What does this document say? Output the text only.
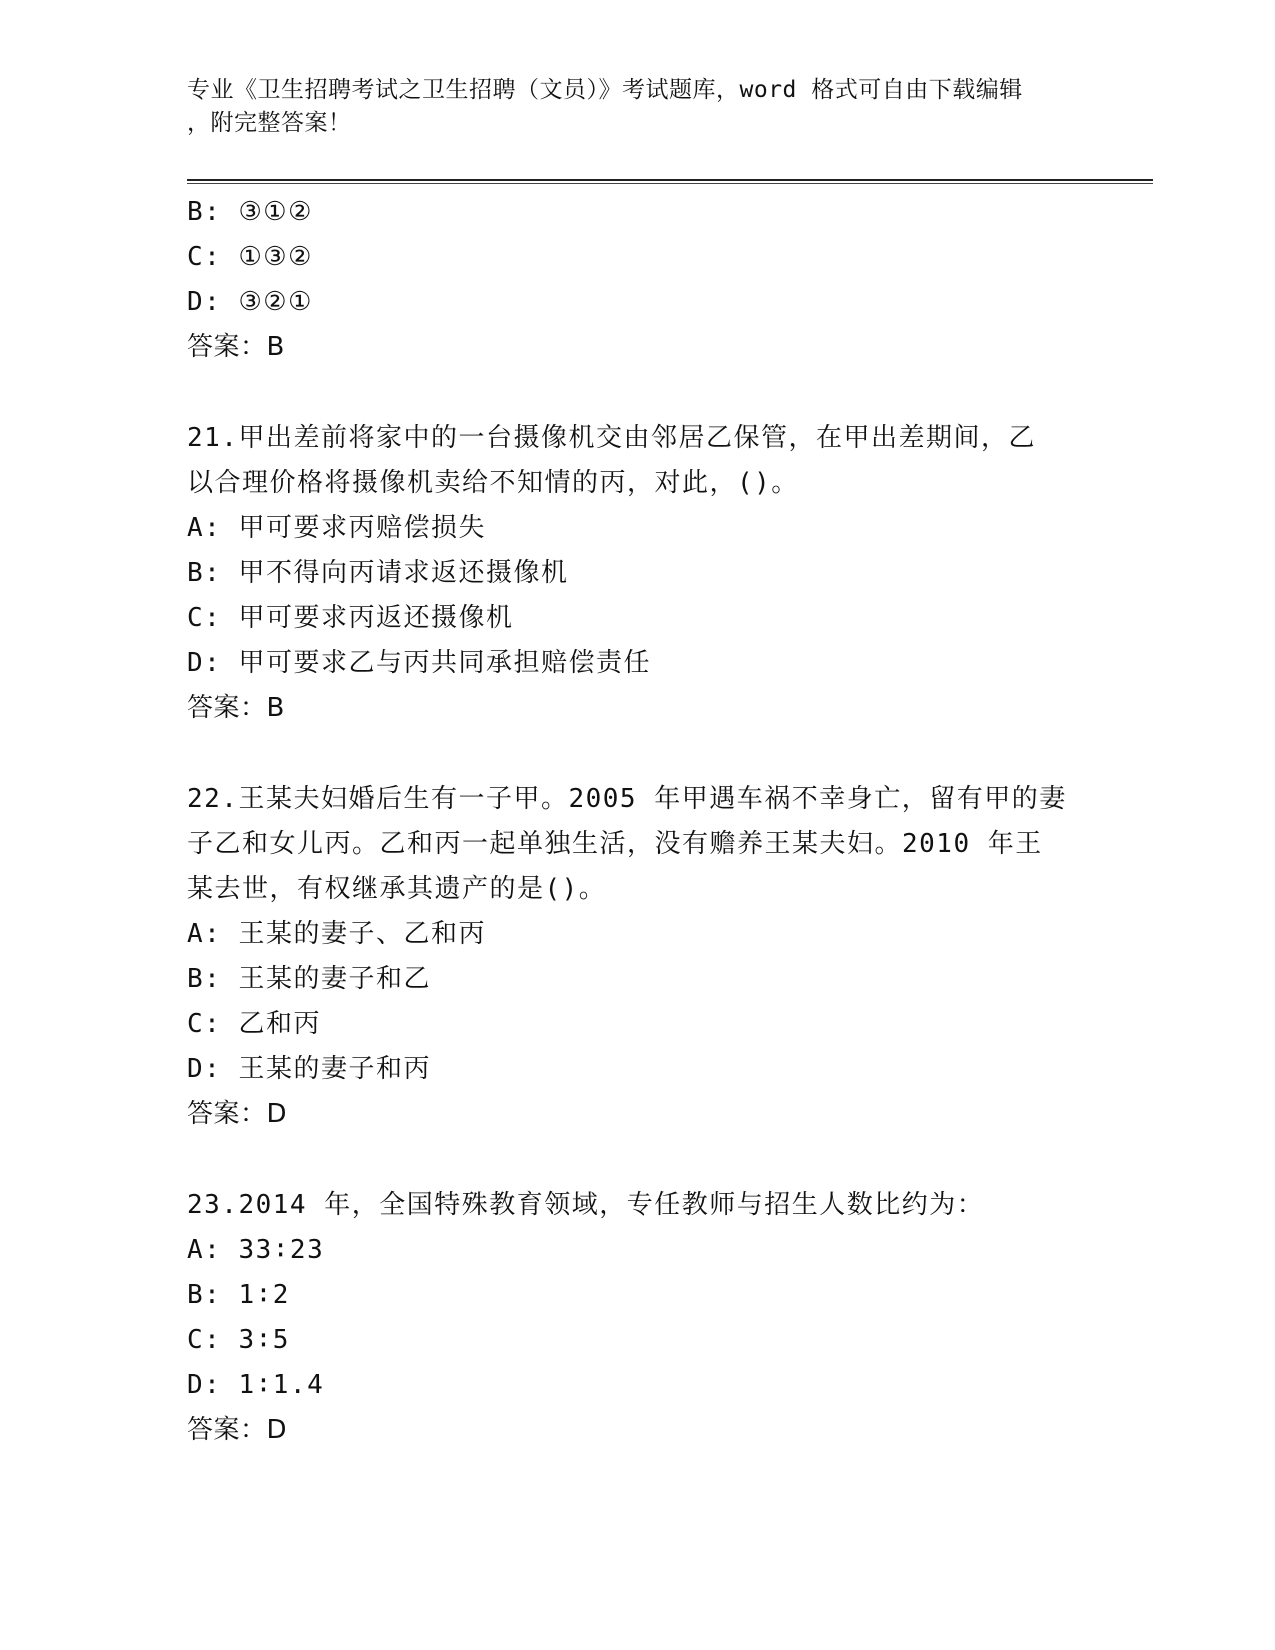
专业《卫生招聘考试之卫生招聘（文员）》考试题库，word 格式可自由下载编辑
，附完整答案！
B: ③①②
C: ①③②
D: ③②①
答案：B
21.甲出差前将家中的一台摄像机交由邻居乙保管，在甲出差期间，乙
以合理价格将摄像机卖给不知情的丙，对此，()。
A: 甲可要求丙赔偿损失
B: 甲不得向丙请求返还摄像机
C: 甲可要求丙返还摄像机
D: 甲可要求乙与丙共同承担赔偿责任
答案：B
22.王某夫妇婚后生有一子甲。2005 年甲遇车祸不幸身亡，留有甲的妻
子乙和女儿丙。乙和丙一起单独生活，没有赡养王某夫妇。2010 年王
某去世，有权继承其遗产的是()。
A: 王某的妻子、乙和丙
B: 王某的妻子和乙
C: 乙和丙
D: 王某的妻子和丙
答案：D
23.2014 年，全国特殊教育领域，专任教师与招生人数比约为：
A: 33∶23
B: 1∶2
C: 3∶5
D: 1∶1.4
答案：D
